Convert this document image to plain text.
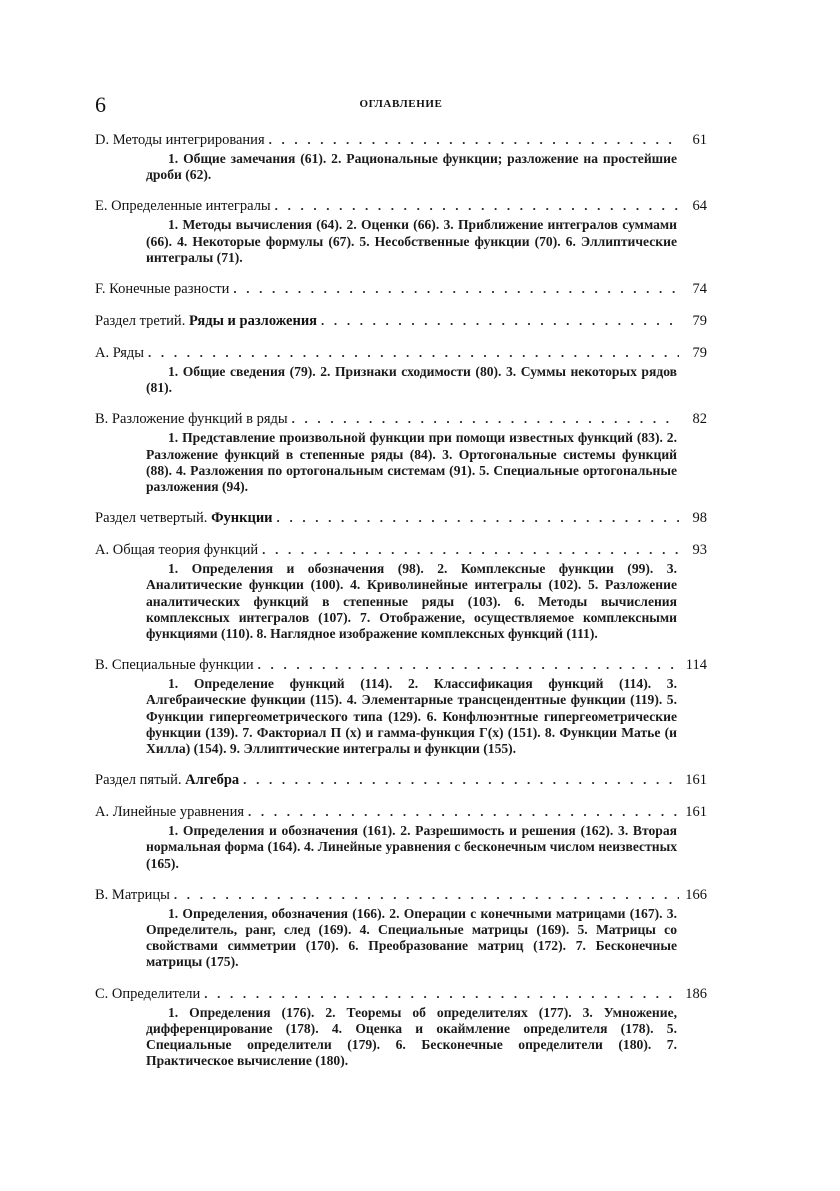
6	ОГЛАВЛЕНИЕ
D. Методы интегрирования . . .	61
1. Общие замечания (61). 2. Рациональные функции; разложение на простейшие дроби (62).
E. Определенные интегралы . . .	64
1. Методы вычисления (64). 2. Оценки (66). 3. Приближение интегралов суммами (66). 4. Некоторые формулы (67). 5. Несобственные функции (70). 6. Эллиптические интегралы (71).
F. Конечные разности . . .	74
Раздел третий. Ряды и разложения . . .	79
A. Ряды . . .	79
1. Общие сведения (79). 2. Признаки сходимости (80). 3. Суммы некоторых рядов (81).
B. Разложение функций в ряды . . .	82
1. Представление произвольной функции при помощи известных функций (83). 2. Разложение функций в степенные ряды (84). 3. Ортогональные системы функций (88). 4. Разложения по ортогональным системам (91). 5. Специальные ортогональные разложения (94).
Раздел четвертый. Функции . . .	98
A. Общая теория функций . . .	93
1. Определения и обозначения (98). 2. Комплексные функции (99). 3. Аналитические функции (100). 4. Криволинейные интегралы (102). 5. Разложение аналитических функций в степенные ряды (103). 6. Методы вычисления комплексных интегралов (107). 7. Отображение, осуществляемое комплексными функциями (110). 8. Наглядное изображение комплексных функций (111).
B. Специальные функции . . .	114
1. Определение функций (114). 2. Классификация функций (114). 3. Алгебраические функции (115). 4. Элементарные трансцендентные функции (119). 5. Функции гипергеометрического типа (129). 6. Конфлюэнтные гипергеометрические функции (139). 7. Факториал Π (x) и гамма-функция Γ(x) (151). 8. Функции Матье (и Хилла) (154). 9. Эллиптические интегралы и функции (155).
Раздел пятый. Алгебра . . .	161
A. Линейные уравнения . . .	161
1. Определения и обозначения (161). 2. Разрешимость и решения (162). 3. Вторая нормальная форма (164). 4. Линейные уравнения с бесконечным числом неизвестных (165).
B. Матрицы . . .	166
1. Определения, обозначения (166). 2. Операции с конечными матрицами (167). 3. Определитель, ранг, след (169). 4. Специальные матрицы (169). 5. Матрицы со свойствами симметрии (170). 6. Преобразование матриц (172). 7. Бесконечные матрицы (175).
C. Определители . . .	186
1. Определения (176). 2. Теоремы об определителях (177). 3. Умножение, дифференцирование (178). 4. Оценка и окаймление определителя (178). 5. Специальные определители (179). 6. Бесконечные определители (180). 7. Практическое вычисление (180).
